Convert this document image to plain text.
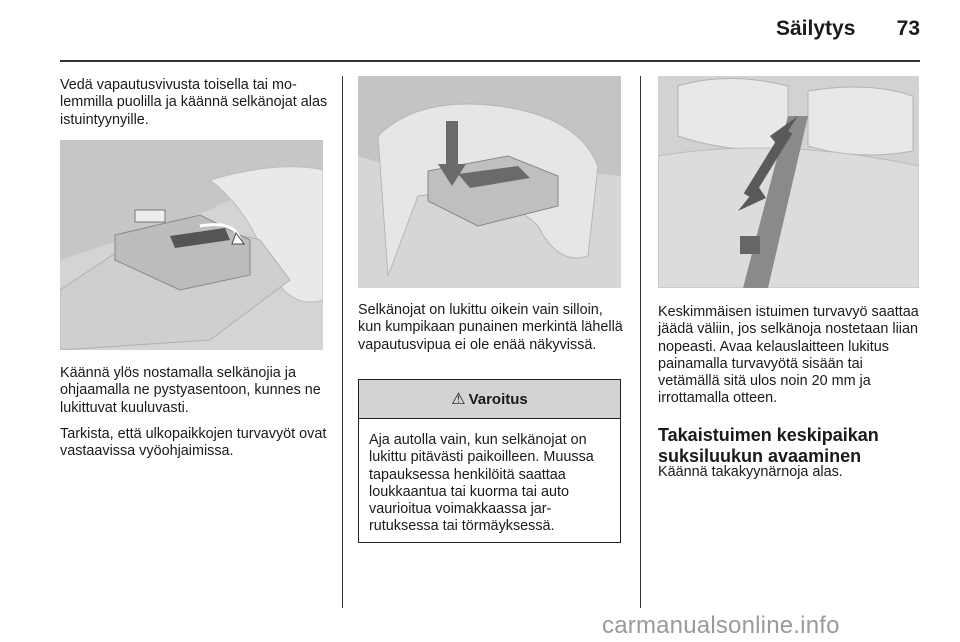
Säilytys	73

Vedä vapautusvivusta toisella tai molemmilla puolilla ja käännä selkänojat alas istuintyynyille.

Käännä ylös nostamalla selkänojia ja ohjaamalla ne pystyasentoon, kunnes ne lukittuvat kuuluvasti.

Tarkista, että ulkopaikkojen turvavyöt ovat vastaavissa vyöohjaimissa.

Selkänojat on lukittu oikein vain silloin, kun kumpikaan punainen merkintä lähellä vapautusvipua ei ole enää näkyvissä.

⚠ Varoitus

Aja autolla vain, kun selkänojat on lukittu pitävästi paikoilleen. Muussa tapauksessa henkilöitä saattaa loukkaantua tai kuorma tai auto vaurioitua voimakkaassa jarrutuksessa tai törmäyksessä.

Keskimmäisen istuimen turvavyö saattaa jäädä väliin, jos selkänoja nostetaan liian nopeasti. Avaa kelauslaitteen lukitus painamalla turvavyötä sisään tai vetämällä sitä ulos noin 20 mm ja irrottamalla otteen.

Takaistuimen keskipaikan suksiluukun avaaminen

Käännä takakyynärnoja alas.

carmanualsonline.info
